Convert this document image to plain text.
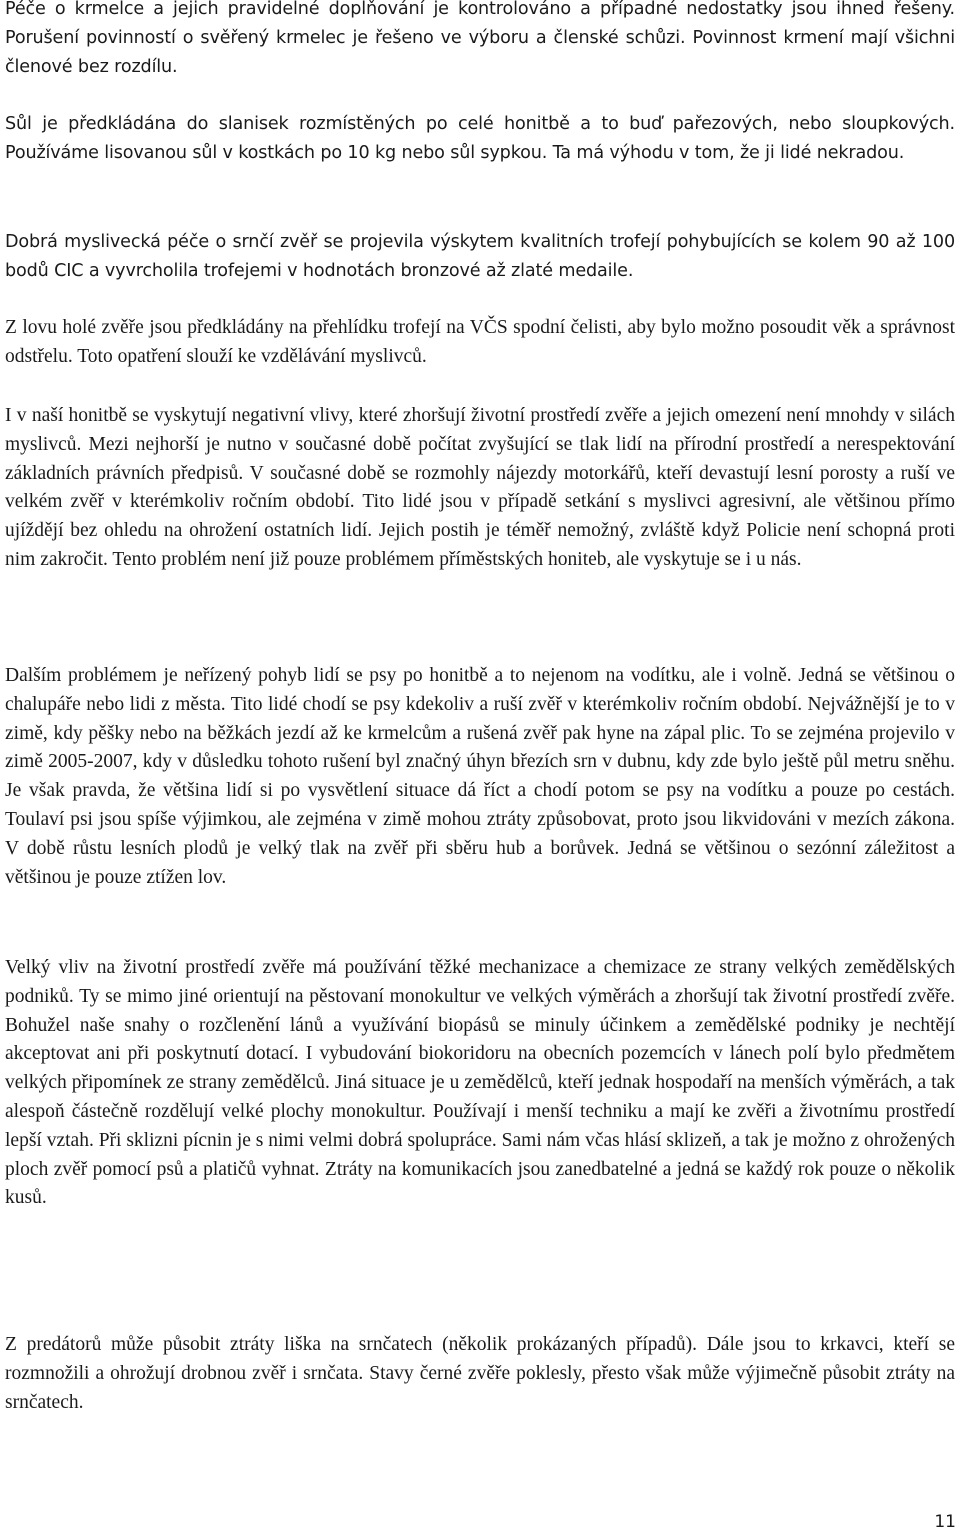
Péče o krmelce a jejich pravidelné doplňování je kontrolováno a případné nedostatky jsou ihned řešeny. Porušení povinností o svěřený krmelec je řešeno ve výboru a členské schůzi. Povinnost krmení mají všichni členové bez rozdílu.

Sůl je předkládána do slanisek rozmístěných po celé honitbě a to buď pařezových, nebo sloupkových. Používáme lisovanou sůl v kostkách po 10 kg nebo sůl sypkou. Ta má výhodu v tom, že ji lidé nekradou.

Dobrá myslivecká péče o srnčí zvěř se projevila výskytem kvalitních trofejí pohybujících se kolem 90 až 100 bodů CIC a vyvrcholila trofejemi v hodnotách bronzové až zlaté medaile.

Z lovu holé zvěře jsou předkládány na přehlídku trofejí na VČS spodní čelisti, aby bylo možno posoudit věk a správnost odstřelu. Toto opatření slouží ke vzdělávání myslivců.

I v naší honitbě se vyskytují negativní vlivy, které zhoršují životní prostředí zvěře a jejich omezení není mnohdy v silách myslivců. Mezi nejhorší je nutno v současné době počítat zvyšující se tlak lidí na přírodní prostředí a nerespektování základních právních předpisů. V současné době se rozmohly nájezdy motorkářů, kteří devastují lesní porosty a ruší ve velkém zvěř v kterémkoliv ročním období. Tito lidé jsou v případě setkání s myslivci agresivní, ale většinou přímo ujíždějí bez ohledu na ohrožení ostatních lidí. Jejich postih je téměř nemožný, zvláště když Policie není schopná proti nim zakročit. Tento problém není již pouze problémem příměstských honiteb, ale vyskytuje se i u nás.

Dalším problémem je neřízený pohyb lidí se psy po honitbě a to nejenom na vodítku, ale i volně. Jedná se většinou o chalupáře nebo lidi z města. Tito lidé chodí se psy kdekoliv a ruší zvěř v kterémkoliv ročním období. Nejvážnější je to v zimě, kdy pěšky nebo na běžkách jezdí až ke krmelcům a rušená zvěř pak hyne na zápal plic. To se zejména projevilo v zimě 2005-2007, kdy v důsledku tohoto rušení byl značný úhyn březích srn v dubnu, kdy zde bylo ještě půl metru sněhu. Je však pravda, že většina lidí si po vysvětlení situace dá říct a chodí potom se psy na vodítku a pouze po cestách. Toulaví psi jsou spíše výjimkou, ale zejména v zimě mohou ztráty způsobovat, proto jsou likvidováni v mezích zákona. V době růstu lesních plodů je velký tlak na zvěř při sběru hub a borůvek. Jedná se většinou o sezónní záležitost a většinou je pouze ztížen lov.

Velký vliv na životní prostředí zvěře má používání těžké mechanizace a chemizace ze strany velkých zemědělských podniků. Ty se mimo jiné orientují na pěstovaní monokultur ve velkých výměrách a zhoršují tak životní prostředí zvěře. Bohužel naše snahy o rozčlenění lánů a využívání biopásů se minuly účinkem a zemědělské podniky je nechtějí akceptovat ani při poskytnutí dotací. I vybudování biokoridoru na obecních pozemcích v lánech polí bylo předmětem velkých připomínek ze strany zemědělců. Jiná situace je u zemědělců, kteří jednak hospodaří na menších výměrách, a tak alespoň částečně rozdělují velké plochy monokultur. Používají i menší techniku a mají ke zvěři a životnímu prostředí lepší vztah. Při sklizni pícnin je s nimi velmi dobrá spolupráce. Sami nám včas hlásí sklizeň, a tak je možno z ohrožených ploch zvěř pomocí psů a platičů vyhnat. Ztráty na komunikacích jsou zanedbatelné a jedná se každý rok pouze o několik kusů.

Z predátorů může působit ztráty liška na srnčatech (několik prokázaných případů). Dále jsou to krkavci, kteří se rozmnožili a ohrožují drobnou zvěř i srnčata. Stavy černé zvěře poklesly, přesto však může výjimečně působit ztráty na srnčatech.

11
